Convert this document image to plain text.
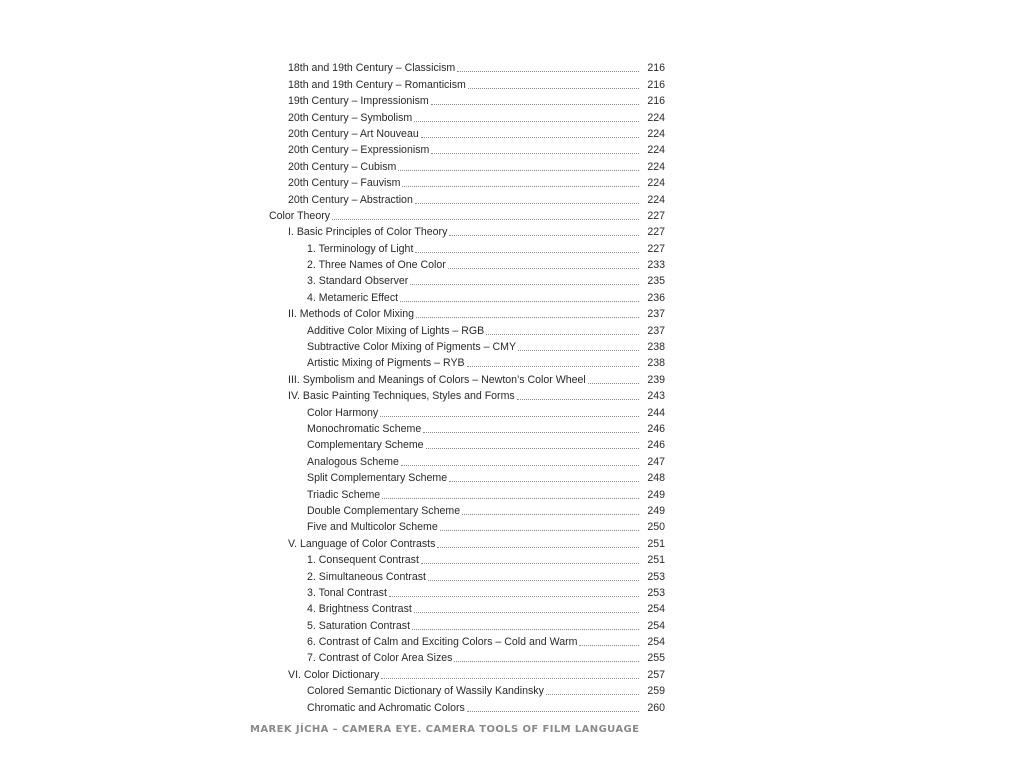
18th and 19th Century – Classicism	216
18th and 19th Century – Romanticism	216
19th Century – Impressionism	216
20th Century – Symbolism	224
20th Century – Art Nouveau	224
20th Century – Expressionism	224
20th Century – Cubism	224
20th Century – Fauvism	224
20th Century – Abstraction	224
Color Theory	227
I. Basic Principles of Color Theory	227
1. Terminology of Light	227
2. Three Names of One Color	233
3. Standard Observer	235
4. Metameric Effect	236
II. Methods of Color Mixing	237
Additive Color Mixing of Lights – RGB	237
Subtractive Color Mixing of Pigments – CMY	238
Artistic Mixing of Pigments – RYB	238
III. Symbolism and Meanings of Colors – Newton’s Color Wheel	239
IV. Basic Painting Techniques, Styles and Forms	243
Color Harmony	244
Monochromatic Scheme	246
Complementary Scheme	246
Analogous Scheme	247
Split Complementary Scheme	248
Triadic Scheme	249
Double Complementary Scheme	249
Five and Multicolor Scheme	250
V. Language of Color Contrasts	251
1. Consequent Contrast	251
2. Simultaneous Contrast	253
3. Tonal Contrast	253
4. Brightness Contrast	254
5. Saturation Contrast	254
6. Contrast of Calm and Exciting Colors – Cold and Warm	254
7. Contrast of Color Area Sizes	255
VI. Color Dictionary	257
Colored Semantic Dictionary of Wassily Kandinsky	259
Chromatic and Achromatic Colors	260
MAREK JÍCHA – CAMERA EYE. CAMERA TOOLS OF FILM LANGUAGE
